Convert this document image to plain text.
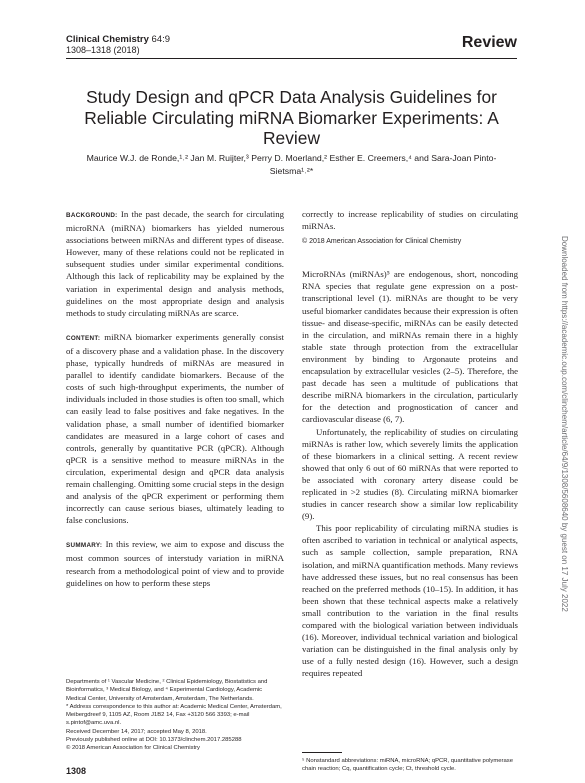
Clinical Chemistry 64:9
1308–1318 (2018)	Review
Study Design and qPCR Data Analysis Guidelines for Reliable Circulating miRNA Biomarker Experiments: A Review
Maurice W.J. de Ronde,¹˒² Jan M. Ruijter,³ Perry D. Moerland,² Esther E. Creemers,⁴ and Sara-Joan Pinto-Sietsma¹˒²*

BACKGROUND: In the past decade, the search for circulating microRNA (miRNA) biomarkers has yielded numerous associations between miRNAs and different types of disease. However, many of these relations could not be replicated in subsequent studies under similar experimental conditions. Although this lack of replicability may be explained by the variation in experimental design and analysis methods, guidelines on the most appropriate design and analysis methods to study circulating miRNAs are scarce.

CONTENT: miRNA biomarker experiments generally consist of a discovery phase and a validation phase. In the discovery phase, typically hundreds of miRNAs are measured in parallel to identify candidate biomarkers. Because of the costs of such high-throughput experiments, the number of individuals included in those studies is often too small, which can easily lead to false positives and fake negatives. In the validation phase, a small number of identified biomarker candidates are measured in a large cohort of cases and controls, generally by quantitative PCR (qPCR). Although qPCR is a sensitive method to measure miRNAs in the circulation, experimental design and qPCR data analysis remain challenging. Omitting some crucial steps in the design and analysis of the qPCR experiment or performing them incorrectly can cause serious biases, ultimately leading to false conclusions.

SUMMARY: In this review, we aim to expose and discuss the most common sources of interstudy variation in miRNA research from a methodological point of view and to provide guidelines on how to perform these steps

correctly to increase replicability of studies on circulating miRNAs.

© 2018 American Association for Clinical Chemistry

MicroRNAs (miRNAs)⁵ are endogenous, short, noncoding RNA species that regulate gene expression on a post-transcriptional level (1). miRNAs are thought to be very useful biomarker candidates because their expression is often tissue- and disease-specific, miRNAs can be easily detected in the circulation, and miRNAs remain there in a highly stable state through protection from the extracellular environment by binding to Argonaute proteins and encapsulation by extracellular vesicles (2–5). Therefore, the past decade has seen a multitude of publications that describe miRNA biomarkers in the circulation, particularly for the detection and prognostication of cancer and cardiovascular disease (6, 7).

Unfortunately, the replicability of studies on circulating miRNAs is rather low, which severely limits the application of these biomarkers in a clinical setting. A recent review showed that only 6 out of 60 miRNAs that were reported to be associated with coronary artery disease could be replicated in >2 studies (8). Circulating miRNA biomarker studies in cancer research show a similar low replicability (9).

This poor replicability of circulating miRNA studies is often ascribed to variation in technical or analytical aspects, such as sample collection, sample preparation, RNA isolation, and miRNA quantification methods. Many reviews have addressed these issues, but no real consensus has been reached on the preferred methods (10–15). In addition, it has been shown that these technical aspects make a relatively small contribution to the variation in the final results compared with the biological variation between individuals (16). Moreover, individual technical variation and biological variation can be distinguished in the final analysis only by use of a fully nested design (16). However, such a design requires repeated

Departments of ¹ Vascular Medicine, ² Clinical Epidemiology, Biostatistics and Bioinformatics, ³ Medical Biology, and ⁴ Experimental Cardiology, Academic Medical Center, University of Amsterdam, Amsterdam, The Netherlands.

* Address correspondence to this author at: Academic Medical Center, Amsterdam, Meibergdreef 9, 1105 AZ, Room J1B2 14, Fax +3120 566 3393; e-mail s.pintof@amc.uva.nl.

Received December 14, 2017; accepted May 8, 2018.

Previously published online at DOI: 10.1373/clinchem.2017.285288

© 2018 American Association for Clinical Chemistry

⁵ Nonstandard abbreviations: miRNA, microRNA; qPCR, quantitative polymerase chain reaction; Cq, quantification cycle; Ct, threshold cycle.
1308
Downloaded from https://academic.oup.com/clinchem/article/64/9/1308/5608640 by guest on 17 July 2022
